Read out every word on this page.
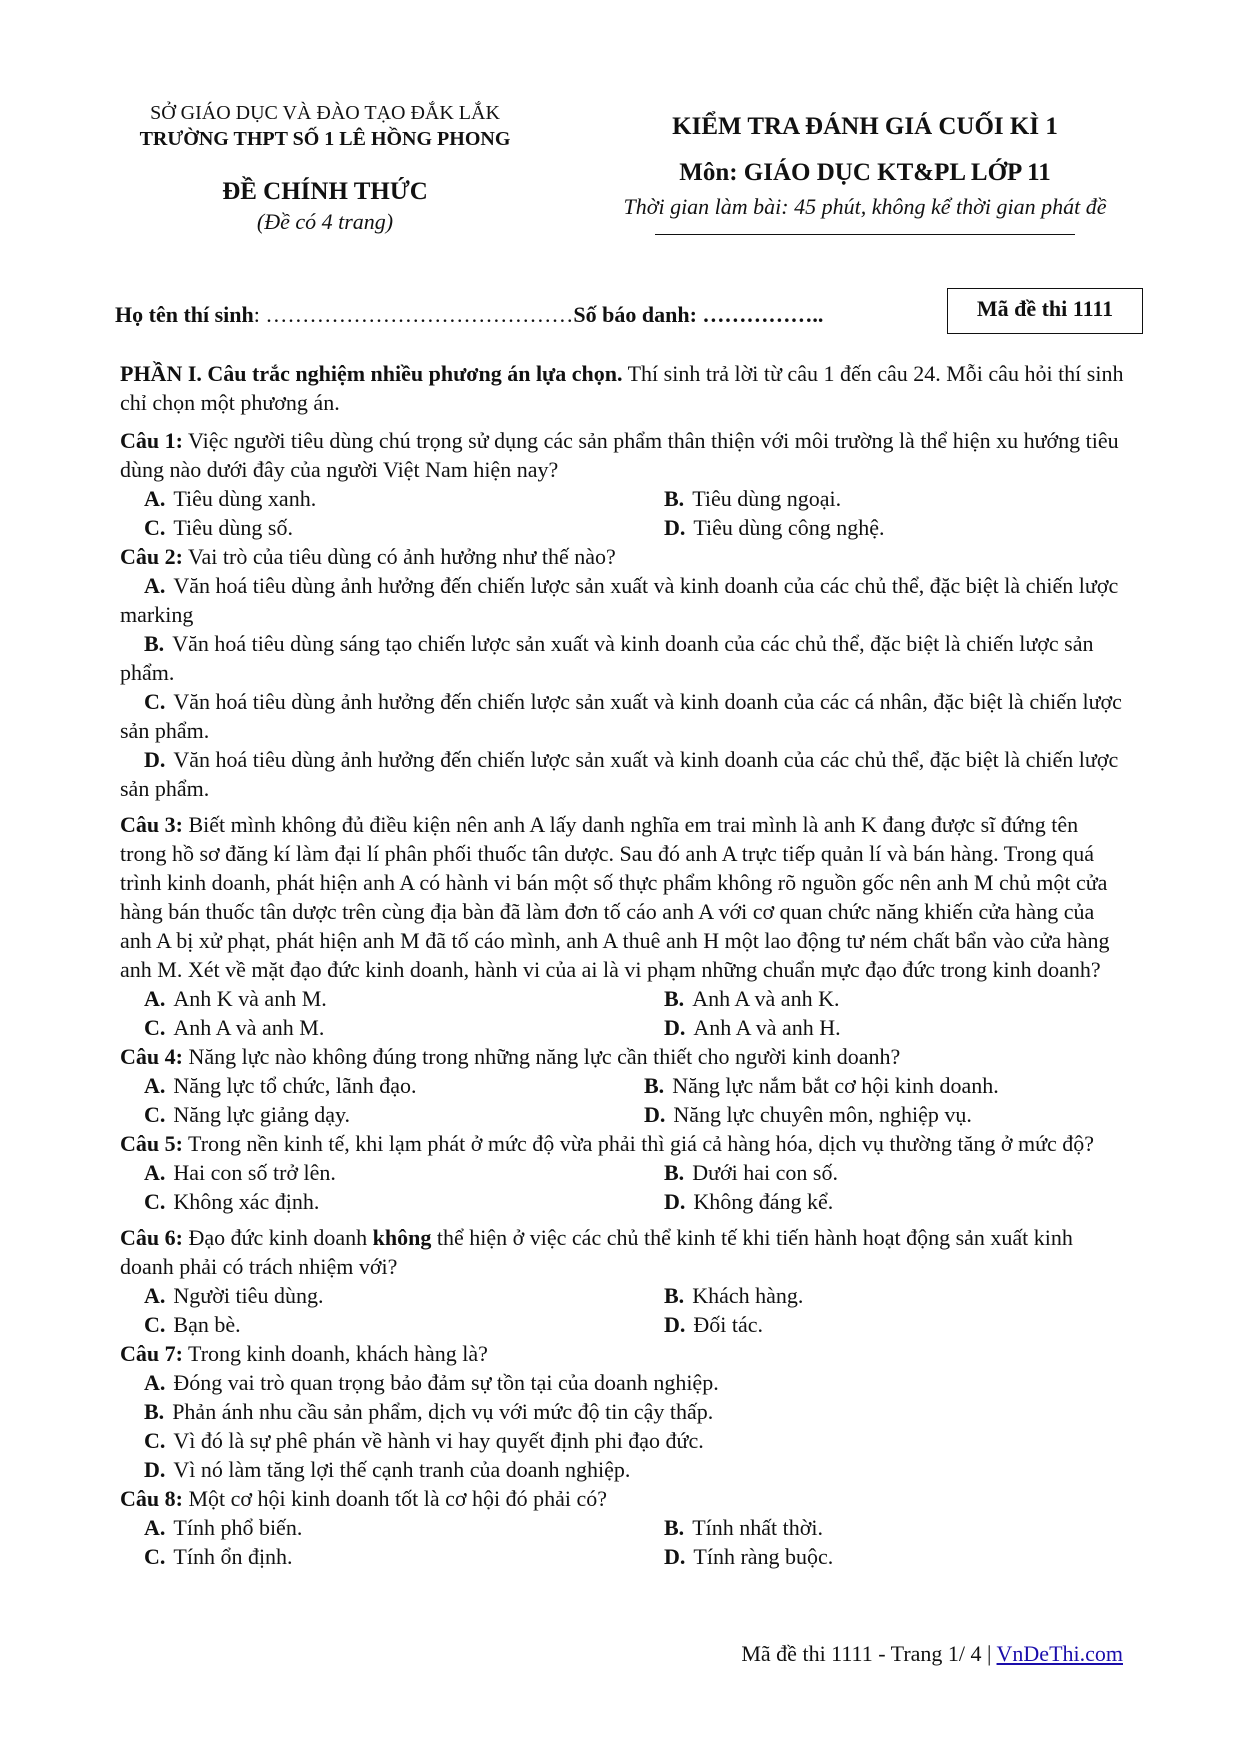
SỞ GIÁO DỤC VÀ ĐÀO TẠO ĐẮK LẮK
TRƯỜNG THPT SỐ 1 LÊ HỒNG PHONG
ĐỀ CHÍNH THỨC
(Đề có 4 trang)
KIỂM TRA ĐÁNH GIÁ CUỐI KÌ 1
Môn: GIÁO DỤC KT&PL LỚP 11
Thời gian làm bài: 45 phút, không kể thời gian phát đề
Họ tên thí sinh: ……………………………………Số báo danh: ……………..	Mã đề thi 1111
PHẦN I. Câu trắc nghiệm nhiều phương án lựa chọn. Thí sinh trả lời từ câu 1 đến câu 24. Mỗi câu hỏi thí sinh chỉ chọn một phương án.
Câu 1: Việc người tiêu dùng chú trọng sử dụng các sản phẩm thân thiện với môi trường là thể hiện xu hướng tiêu dùng nào dưới đây của người Việt Nam hiện nay?
A. Tiêu dùng xanh.	B. Tiêu dùng ngoại.
C. Tiêu dùng số.	D. Tiêu dùng công nghệ.
Câu 2: Vai trò của tiêu dùng có ảnh hưởng như thế nào?
A. Văn hoá tiêu dùng ảnh hưởng đến chiến lược sản xuất và kinh doanh của các chủ thể, đặc biệt là chiến lược marking
B. Văn hoá tiêu dùng sáng tạo chiến lược sản xuất và kinh doanh của các chủ thể, đặc biệt là chiến lược sản phẩm.
C. Văn hoá tiêu dùng ảnh hưởng đến chiến lược sản xuất và kinh doanh của các cá nhân, đặc biệt là chiến lược sản phẩm.
D. Văn hoá tiêu dùng ảnh hưởng đến chiến lược sản xuất và kinh doanh của các chủ thể, đặc biệt là chiến lược sản phẩm.
Câu 3: Biết mình không đủ điều kiện nên anh A lấy danh nghĩa em trai mình là anh K đang được sĩ đứng tên trong hồ sơ đăng kí làm đại lí phân phối thuốc tân dược. Sau đó anh A trực tiếp quản lí và bán hàng. Trong quá trình kinh doanh, phát hiện anh A có hành vi bán một số thực phẩm không rõ nguồn gốc nên anh M chủ một cửa hàng bán thuốc tân dược trên cùng địa bàn đã làm đơn tố cáo anh A với cơ quan chức năng khiến cửa hàng của anh A bị xử phạt, phát hiện anh M đã tố cáo mình, anh A thuê anh H một lao động tư ném chất bẩn vào cửa hàng anh M. Xét về mặt đạo đức kinh doanh, hành vi của ai là vi phạm những chuẩn mực đạo đức trong kinh doanh?
A. Anh K và anh M.	B. Anh A và anh K.
C. Anh A và anh M.	D. Anh A và anh H.
Câu 4: Năng lực nào không đúng trong những năng lực cần thiết cho người kinh doanh?
A. Năng lực tổ chức, lãnh đạo.	B. Năng lực nắm bắt cơ hội kinh doanh.
C. Năng lực giảng dạy.	D. Năng lực chuyên môn, nghiệp vụ.
Câu 5: Trong nền kinh tế, khi lạm phát ở mức độ vừa phải thì giá cả hàng hóa, dịch vụ thường tăng ở mức độ?
A. Hai con số trở lên.	B. Dưới hai con số.
C. Không xác định.	D. Không đáng kể.
Câu 6: Đạo đức kinh doanh không thể hiện ở việc các chủ thể kinh tế khi tiến hành hoạt động sản xuất kinh doanh phải có trách nhiệm với?
A. Người tiêu dùng.	B. Khách hàng.
C. Bạn bè.	D. Đối tác.
Câu 7: Trong kinh doanh, khách hàng là?
A. Đóng vai trò quan trọng bảo đảm sự tồn tại của doanh nghiệp.
B. Phản ánh nhu cầu sản phẩm, dịch vụ với mức độ tin cậy thấp.
C. Vì đó là sự phê phán về hành vi hay quyết định phi đạo đức.
D. Vì nó làm tăng lợi thế cạnh tranh của doanh nghiệp.
Câu 8: Một cơ hội kinh doanh tốt là cơ hội đó phải có?
A. Tính phổ biến.	B. Tính nhất thời.
C. Tính ổn định.	D. Tính ràng buộc.
Mã đề thi 1111 - Trang 1/ 4 | VnDeThi.com
